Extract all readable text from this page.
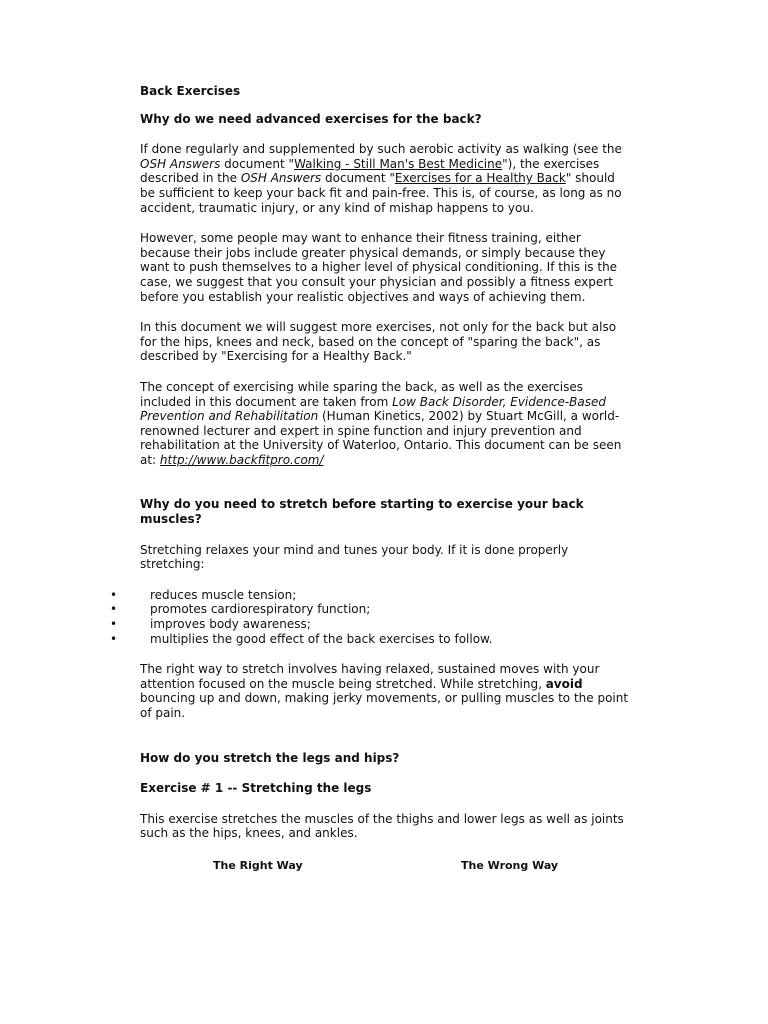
Back Exercises
Why do we need advanced exercises for the back?

If done regularly and supplemented by such aerobic activity as walking (see the OSH Answers document "Walking - Still Man's Best Medicine"), the exercises described in the OSH Answers document "Exercises for a Healthy Back" should be sufficient to keep your back fit and pain-free. This is, of course, as long as no accident, traumatic injury, or any kind of mishap happens to you.

However, some people may want to enhance their fitness training, either because their jobs include greater physical demands, or simply because they want to push themselves to a higher level of physical conditioning. If this is the case, we suggest that you consult your physician and possibly a fitness expert before you establish your realistic objectives and ways of achieving them.

In this document we will suggest more exercises, not only for the back but also for the hips, knees and neck, based on the concept of "sparing the back", as described by "Exercising for a Healthy Back."

The concept of exercising while sparing the back, as well as the exercises included in this document are taken from Low Back Disorder, Evidence-Based Prevention and Rehabilitation (Human Kinetics, 2002) by Stuart McGill, a world-renowned lecturer and expert in spine function and injury prevention and rehabilitation at the University of Waterloo, Ontario. This document can be seen at: http://www.backfitpro.com/

Why do you need to stretch before starting to exercise your back muscles?

Stretching relaxes your mind and tunes your body. If it is done properly stretching:

•	reduces muscle tension;
•	promotes cardiorespiratory function;
•	improves body awareness;
•	multiplies the good effect of the back exercises to follow.

The right way to stretch involves having relaxed, sustained moves with your attention focused on the muscle being stretched. While stretching, avoid bouncing up and down, making jerky movements, or pulling muscles to the point of pain.

How do you stretch the legs and hips?
Exercise # 1 -- Stretching the legs

This exercise stretches the muscles of the thighs and lower legs as well as joints such as the hips, knees, and ankles.

The Right Way	The Wrong Way
